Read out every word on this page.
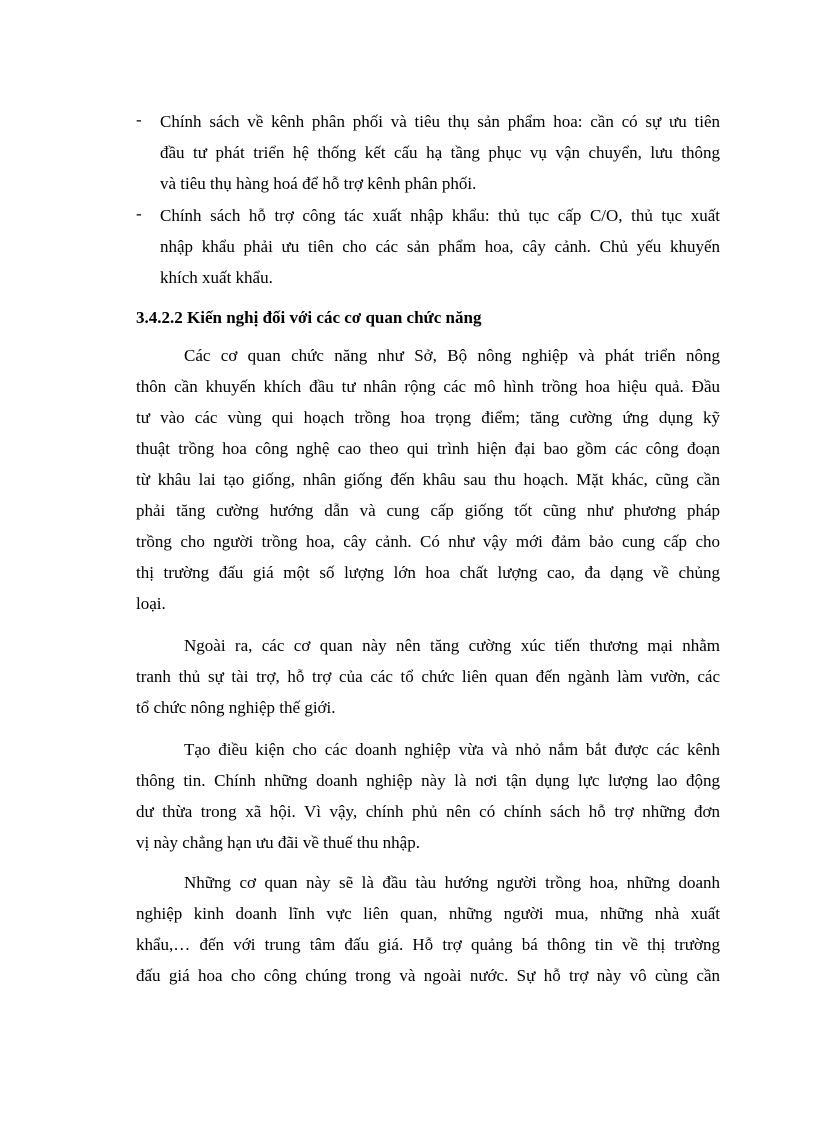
-	Chính sách về kênh phân phối và tiêu thụ sản phẩm hoa: cần có sự ưu tiên
đầu tư phát triển hệ thống kết cấu hạ tầng phục vụ vận chuyển, lưu thông
và tiêu thụ hàng hoá để hỗ trợ kênh phân phối.
-	Chính sách hỗ trợ công tác xuất nhập khẩu: thủ tục cấp C/O, thủ tục xuất
nhập khẩu phải ưu tiên cho các sản phẩm hoa, cây cảnh. Chủ yếu khuyến
khích xuất khẩu.
3.4.2.2 Kiến nghị đối với các cơ quan chức năng
Các cơ quan chức năng như Sở, Bộ nông nghiệp và phát triển nông
thôn cần khuyến khích đầu tư nhân rộng các mô hình trồng hoa hiệu quả. Đầu
tư vào các vùng qui hoạch trồng hoa trọng điểm; tăng cường ứng dụng kỹ
thuật trồng hoa công nghệ cao theo qui trình hiện đại bao gồm các công đoạn
từ khâu lai tạo giống, nhân giống đến khâu sau thu hoạch. Mặt khác, cũng cần
phải tăng cường hướng dẫn và cung cấp giống tốt cũng như phương pháp
trồng cho người trồng hoa, cây cảnh. Có như vậy mới đảm bảo cung cấp cho
thị trường đấu giá một số lượng lớn hoa chất lượng cao, đa dạng về chủng
loại.
Ngoài ra, các cơ quan này nên tăng cường xúc tiến thương mại nhằm
tranh thủ sự tài trợ, hỗ trợ của các tổ chức liên quan đến ngành làm vườn, các
tổ chức nông nghiệp thế giới.
Tạo điều kiện cho các doanh nghiệp vừa và nhỏ nắm bắt được các kênh
thông tin. Chính những doanh nghiệp này là nơi tận dụng lực lượng lao động
dư thừa trong xã hội. Vì vậy, chính phủ nên có chính sách hỗ trợ những đơn
vị này chẳng hạn ưu đãi về thuế thu nhập.
Những cơ quan này sẽ là đầu tàu hướng người trồng hoa, những doanh
nghiệp kinh doanh lĩnh vực liên quan, những người mua, những nhà xuất
khẩu,… đến với trung tâm đấu giá. Hỗ trợ quảng bá thông tin về thị trường
đấu giá hoa cho công chúng trong và ngoài nước. Sự hỗ trợ này vô cùng cần
